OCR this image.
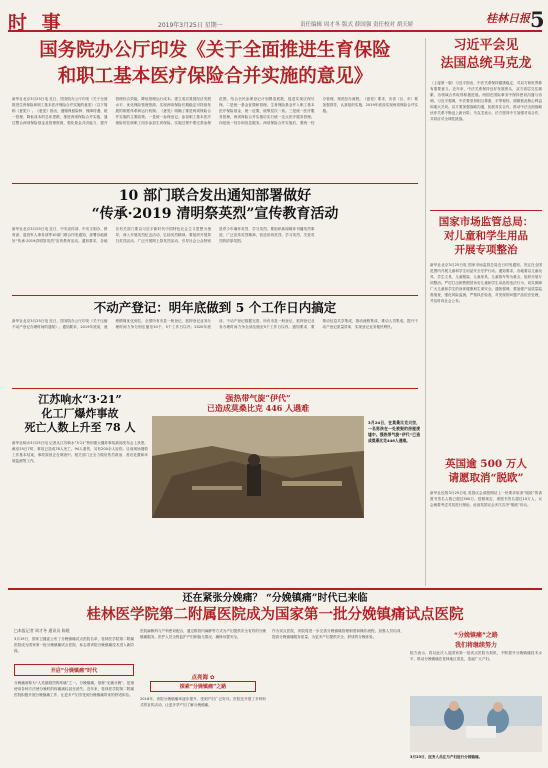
时 事	2019年3月25日 星期一	责任编辑 周才冬 版式 薛国强 责任校对 胡天娇	桂林日报 5
国务院办公厅印发《关于全面推进生育保险
和职工基本医疗保险合并实施的意见》
新华社北京3月25日电 近日，国务院办公厅印发《关于全面推进生育保险和职工基本医疗保险合并实施的意见》（以下简称《意见》）。《意见》指出，遵循保留险种、保障待遇、统一管理、降低成本的总体思路，推进两项保险合并实施，通过整合两项保险基金及管理资源，强化基金共济能力，提升管理综合效能，降低管理运行成本。建立适应我国经济发展水平、优化保险管理资源、实现两项保险长期稳定可持续发展的制度体系和运行机制。《意见》明确了推进两项保险合并实施的主要政策。一是统一参保登记。参加职工基本医疗保险的在职职工同步参加生育保险。实施过程中要完善参保范围，结合全民参保登记计划摸清底数，促进实现应保尽保。二是统一基金征缴和管理。生育保险基金并入职工基本医疗保险基金，统一征缴，统筹层次一致。三是统一医疗服务管理。两项保险合并实施后实行统一定点医疗服务管理。四是统一经办和信息服务。两项保险合并实施后，要统一经办管理，规范经办流程。《意见》要求，各省（区、市）要加强领导，认真组织实施，2019年底前实现两项保险合并实施。
习近平会见
法国总统马克龙
（上接第一版）习近平指出，中法关系保持健康稳定，对双方和世界都有重要意义。近年来，中法关系保持良好发展势头，双方高层交往频繁，各领域合作取得积极进展。两国在国际事务中保持密切沟通与协调。习近平强调，中法要坚持相互尊重、平等相待，照顾彼此核心利益和重大关切。双方要加强战略沟通，拓展务实合作，推动中法全面战略伙伴关系不断迈上新台阶。马克龙表示，法方愿同中方加强对话合作，共同应对全球性挑战。
10 部门联合发出通知部署做好
“传承·2019 清明祭英烈”宣传教育活动
新华社北京3月25日电 近日，中央宣传部、中央文明办、教育部、退役军人事务部等10部门联合印发通知，部署各地做好“传承·2019清明祭英烈”宣传教育活动。通知要求，各地各有关部门要以习近平新时代中国特色社会主义思想为指导，深入开展英烈纪念活动，弘扬英烈精神。要组织开展祭扫英烈活动，广泛开展网上祭英烈活动，引导社会公众特别是青少年缅怀英烈、学习英烈。要组织新闻媒体刊播英烈事迹，广泛宣传英烈精神，营造崇尚英烈、学习英烈、关爱英烈的浓厚氛围。
国家市场监管总局：
对儿童和学生用品
开展专项整治
新华社北京3月25日电 国家市场监管总局近日印发通知，决定在全国范围内开展儿童和学生用品安全守护行动。通知要求，各地要以儿童玩具、学生文具、儿童服装、儿童家具、儿童推车等为重点，组织开展专项整治。严厉打击制售假冒伪劣儿童和学生用品的违法行为，切实保障广大儿童和学生的身体健康和生命安全。通知强调，要加强产品质量监督抽查，强化风险监测，严格执法检查，对发现的问题产品依法处理，并及时向社会公布。
不动产登记：明年底做到 5 个工作日内搞定
新华社北京3月25日电 近日，国务院办公厅印发《关于压缩不动产登记办理时间的通知》。通知要求，2019年底前，流程精简优化到位，全国所有市县一般登记、抵押登记业务办理时间力争分别压缩至10个、5个工作日以内；2020年底前，不动产登记数据完善，所有市县一般登记、抵押登记业务办理时间力争全部压缩至5个工作日以内。通知要求，要推动信息共享集成，推动流程集成，推动人员集成，提升不动产登记质量效率，实现登记业务便民利民。
江苏响水“3·21”
化工厂爆炸事故
死亡人数上升至 78 人
新华社响水3月25日电 记者从江苏响水“3·21”特别重大爆炸事故新闻发布会上获悉，截至25日7时，事故已造成78人死亡，94人重伤，另有200余人轻伤。目前现场搜救工作基本结束，事故原因正在调查中。相关部门正全力做好伤员救治、善后处置和环境监测等工作。
强热带气旋“伊代”
已造成莫桑比克 446 人遇难
3月24日，在莫桑比克贝拉，一名男孩在一处被毁的房屋废墟中。强热带气旋“伊代”已造成莫桑比克446人遇难。
英国逾 500 万人
请愿取消“脱欧”
新华社伦敦3月25日电 英国议会请愿网站上一份要求取消“脱欧”的请愿书签名人数已超过500万。按照规定，请愿书签名超过10万人，议会就要考虑对其进行辩论。此前英国议会多次否决“脱欧”协议。
还在紧张分娩痛？ “分娩镇痛”时代已来临
桂林医学院第二附属医院成为国家第一批分娩镇痛试点医院
□本报记者 周才冬 通讯员 陈媛
3月19日，国家卫健委公布了分娩镇痛试点医院名单，桂林医学院第二附属医院成为国家第一批分娩镇痛试点医院，标志着该院分娩镇痛技术进入新阶段。
开启“分娩镇痛”时代
分娩痛被称为“人类最剧烈的疼痛”之一。分娩镇痛，俗称“无痛分娩”，是指使用各种方法使分娩时的疼痛减轻甚至消失。近年来，桂林医学院第二附属医院积极开展分娩镇痛工作，让更多产妇享受到分娩镇痛带来的舒适体验。
医院麻醉科与产科密切配合，通过椎管内麻醉等方式为产妇提供安全有效的分娩镇痛服务。医护人员全程监护产妇和胎儿情况，确保母婴安全。
点亮海 ✿
探索“分娩镇痛”之路
2018年，该院分娩镇痛率逐步提升，受到产妇广泛好评。医院还开展了多种形式的宣传活动，让更多孕产妇了解分娩镇痛。
作为试点医院，该院将进一步完善分娩镇痛管理制度和操作流程，加强人员培训，提高分娩镇痛服务质量，为更多产妇提供安全、舒适的分娩体验。	“分娩镇痛”之路
我们将继续努力
院方表示，将以此次入选国家第一批试点医院为契机，不断提升分娩镇痛技术水平，推动分娩镇痛在桂林地区普及，造福广大产妇。
3月23日，医务人员在为产妇进行分娩镇痛。
